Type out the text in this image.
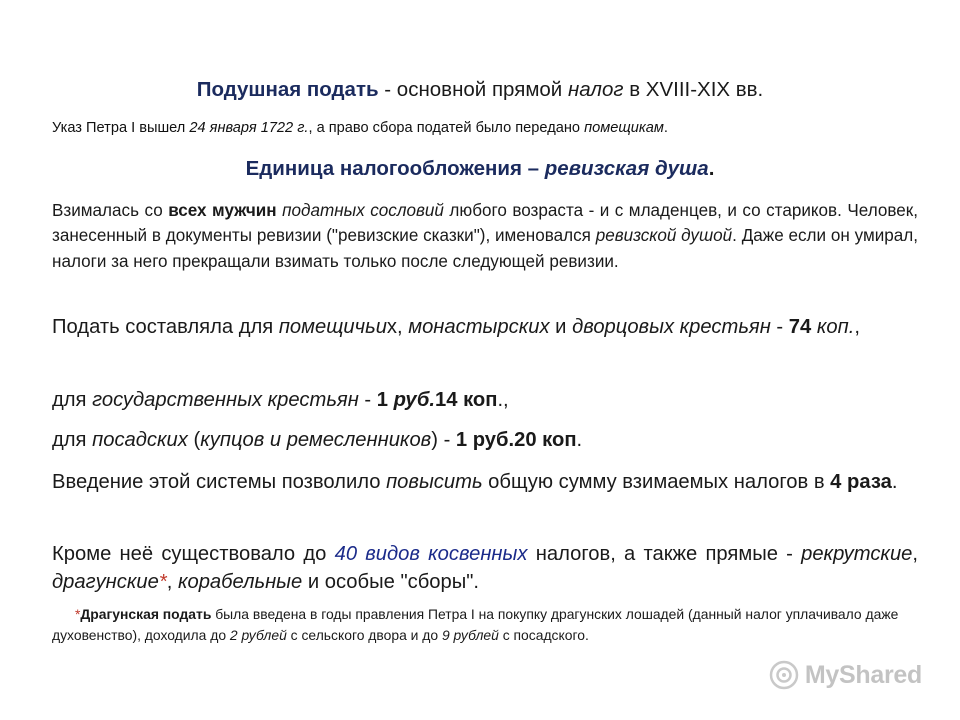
Подушная подать - основной прямой налог в XVIII-XIX вв.
Указ Петра I вышел 24 января 1722 г., а право сбора податей было передано помещикам.
Единица налогообложения – ревизская душа.
Взималась со всех мужчин податных сословий любого возраста - и с младенцев, и со стариков. Человек, занесенный в документы ревизии ("ревизские сказки"), именовался ревизской душой. Даже если он умирал, налоги за него прекращали взимать только после следующей ревизии.
Подать составляла для помещичьих, монастырских и дворцовых крестьян - 74 коп.,
для государственных крестьян - 1 руб.14 коп.,
для посадских (купцов и ремесленников) - 1 руб.20 коп.
Введение этой системы позволило повысить общую сумму взимаемых налогов в 4 раза.
Кроме неё существовало до 40 видов косвенных налогов, а также прямые - рекрутские, драгунские*, корабельные и особые "сборы".
*Драгунская подать была введена в годы правления Петра I на покупку драгунских лошадей (данный налог уплачивало даже духовенство), доходила до 2 рублей с сельского двора и до 9 рублей с посадского.
MyShared
